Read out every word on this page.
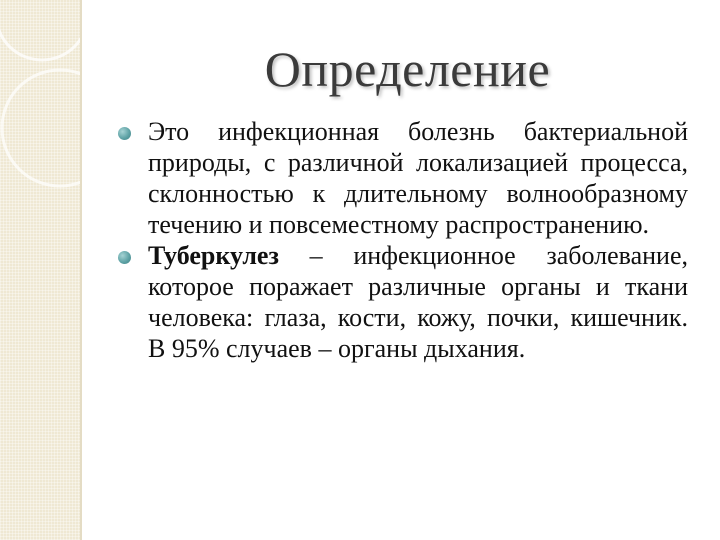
Определение
Это инфекционная болезнь бактериальной природы, с различной локализацией процесса, склонностью к длительному волнообразному течению и повсеместному распространению.
Туберкулез – инфекционное заболевание, которое поражает различные органы и ткани человека: глаза, кости, кожу, почки, кишечник. В 95% случаев – органы дыхания.
